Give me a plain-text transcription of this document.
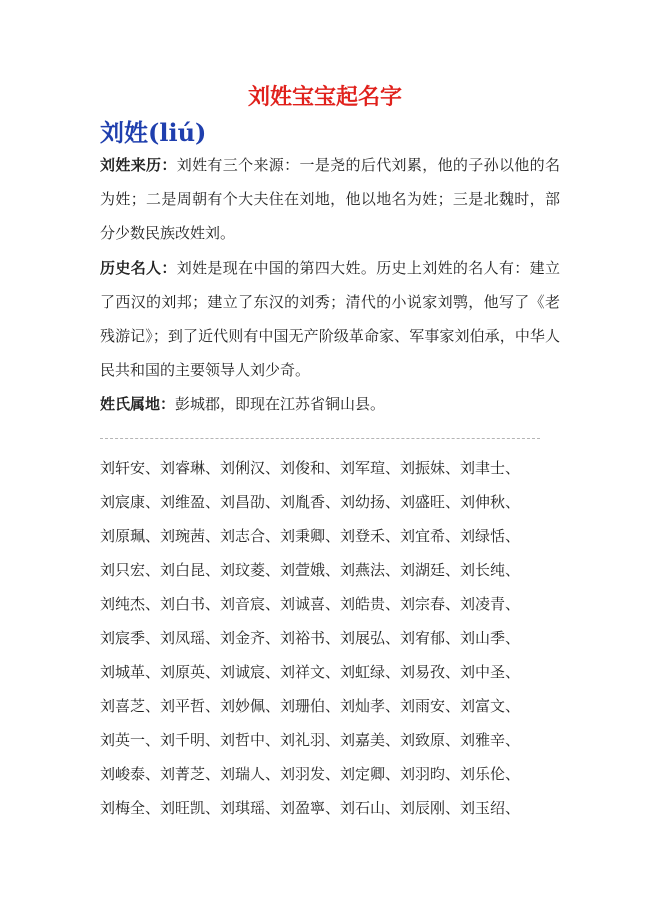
刘姓宝宝起名字
刘姓(liú)
刘姓来历：刘姓有三个来源：一是尧的后代刘累，他的子孙以他的名为姓；二是周朝有个大夫住在刘地，他以地名为姓；三是北魏时，部分少数民族改姓刘。
历史名人：刘姓是现在中国的第四大姓。历史上刘姓的名人有：建立了西汉的刘邦；建立了东汉的刘秀；清代的小说家刘鹗，他写了《老残游记》；到了近代则有中国无产阶级革命家、军事家刘伯承，中华人民共和国的主要领导人刘少奇。
姓氏属地：彭城郡，即现在江苏省铜山县。
刘轩安、刘睿琳、刘俐汉、刘俊和、刘军瑄、刘振妹、刘聿士、
刘宸康、刘维盈、刘昌劭、刘胤香、刘幼扬、刘盛旺、刘伸秋、
刘原珮、刘琬茜、刘志合、刘秉卿、刘登禾、刘宜希、刘绿恬、
刘只宏、刘白昆、刘玟菱、刘萱娥、刘燕法、刘湖廷、刘长纯、
刘纯杰、刘白书、刘音宸、刘诚喜、刘皓贵、刘宗春、刘凌青、
刘宸季、刘凤瑶、刘金齐、刘裕书、刘展弘、刘宥郁、刘山季、
刘城革、刘原英、刘诚宸、刘祥文、刘虹绿、刘易孜、刘中圣、
刘喜芝、刘平哲、刘妙佩、刘珊伯、刘灿孝、刘雨安、刘富文、
刘英一、刘千明、刘哲中、刘礼羽、刘嘉美、刘致原、刘雅辛、
刘峻泰、刘菁芝、刘瑞人、刘羽发、刘定卿、刘羽昀、刘乐伦、
刘梅全、刘旺凯、刘琪瑶、刘盈寧、刘石山、刘辰刚、刘玉绍、
